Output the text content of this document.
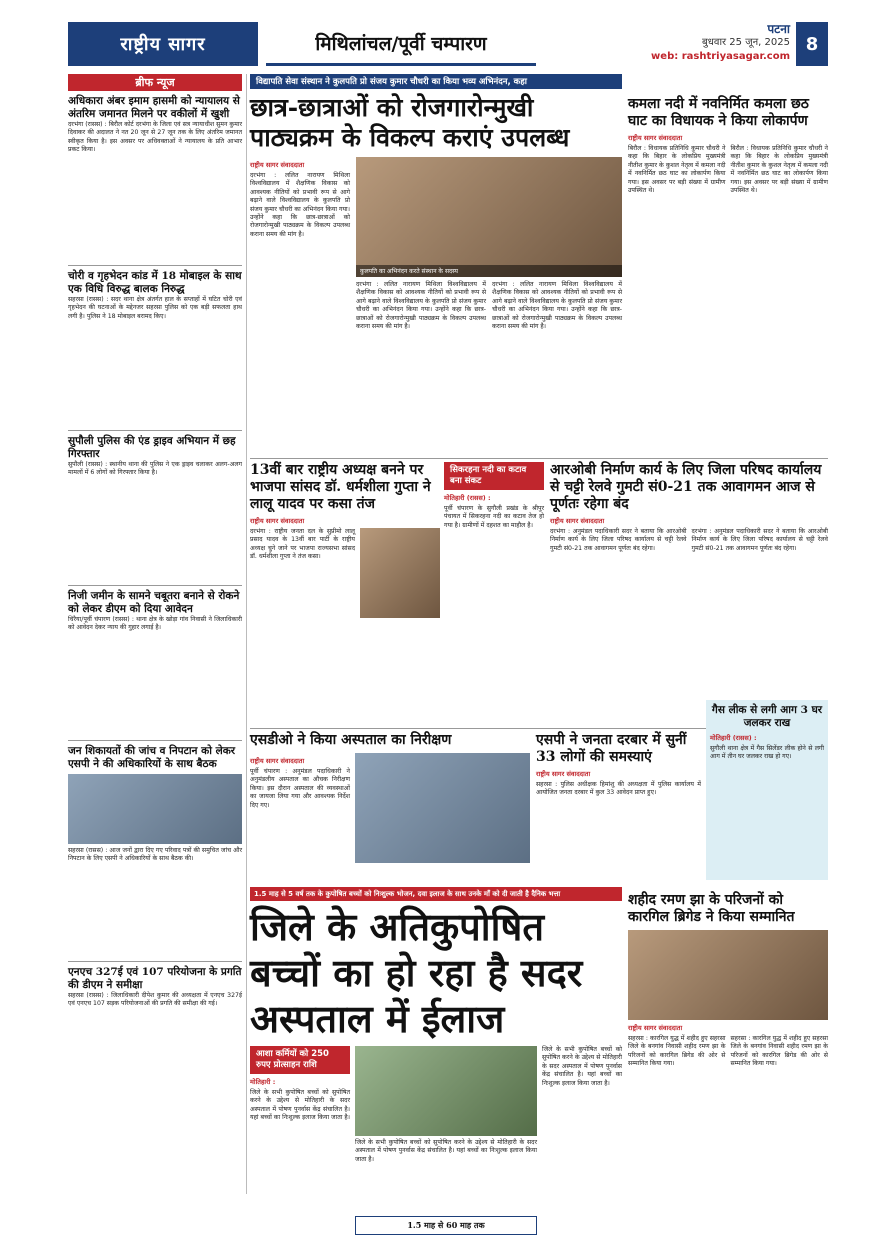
राष्ट्रीय सागर	मिथिलांचल/पूर्वी चम्पारण
पटना
बुधवार 25 जून, 2025
web: rashtriyasagar.com
8
ब्रीफ न्यूज
अधिकारा अंबर इमाम हासमी को न्यायालय से अंतरिम जमानत मिलने पर वकीलों में खुशी
दरभंगा (रासस) : बिरौल कोर्ट दरभंगा के जिला एवं सत्र न्यायाधीश सुमन कुमार दिवाकर की अदालत ने नत 20 जून से 27 जून तक के लिए अंतरिम जमानत स्वीकृत किया है। इस अवसर पर अधिवक्ताओं ने न्यायालय के प्रति आभार प्रकट किया।
चोरी व गृहभेदन कांड में 18 मोबाइल के साथ एक विधि विरुद्ध बालक निरुद्ध
सहरसा (रासस) : सदर थाना क्षेत्र अंतर्गत हाल के सप्ताहों में घटित चोरी एवं गृहभेदन की घटनाओं के मद्देनजर सहरसा पुलिस को एक बड़ी सफलता हाथ लगी है। पुलिस ने 18 मोबाइल बरामद किए।
सुपौली पुलिस की एंड ड्राइव अभियान में छह गिरफ्तार
सुपौली (रासस) : स्थानीय थाना की पुलिस ने एक ड्राइव चलाकर अलग-अलग मामलों में 6 लोगों को गिरफ्तार किया है।
निजी जमीन के सामने चबूतरा बनाने से रोकने को लेकर डीएम को दिया आवेदन
चिरैया/पूर्वी चंपारण (रासस) : थाना क्षेत्र के खोड़ा गांव निवासी ने जिलाधिकारी को आवेदन देकर न्याय की गुहार लगाई है।
जन शिकायतों की जांच व निपटान को लेकर एसपी ने की अधिकारियों के साथ बैठक
सहरसा (रासस) : आज जनों द्वारा दिए गए परिवाद पत्रों की समुचित जांच और निपटान के लिए एसपी ने अधिकारियों के साथ बैठक की।
एनएच 327ई एवं 107 परियोजना के प्रगति की डीएम ने समीक्षा
सहरसा (रासस) : जिलाधिकारी दीपेश कुमार की अध्यक्षता में एनएच 327ई एवं एनएच 107 सड़क परियोजनाओं की प्रगति की समीक्षा की गई।
विद्यापति सेवा संस्थान ने कुलपति प्रो संजय कुमार चौधरी का किया भव्य अभिनंदन, कहा
छात्र-छात्राओं को रोजगारोन्मुखी पाठ्यक्रम के विकल्प कराएं उपलब्ध
राष्ट्रीय सागर संवाददाता
दरभंगा : ललित नारायण मिथिला विश्वविद्यालय में शैक्षणिक विकास को आवश्यक नीतियों को प्रभावी रूप से आगे बढ़ाने वाले विश्वविद्यालय के कुलपति प्रो संजय कुमार चौधरी का अभिनंदन किया गया। उन्होंने कहा कि छात्र-छात्राओं को रोजगारोन्मुखी पाठ्यक्रम के विकल्प उपलब्ध कराना समय की मांग है।
कुलपति का अभिनंदन करते संस्थान के सदस्य
दरभंगा : ललित नारायण मिथिला विश्वविद्यालय में शैक्षणिक विकास को आवश्यक नीतियों को प्रभावी रूप से आगे बढ़ाने वाले विश्वविद्यालय के कुलपति प्रो संजय कुमार चौधरी का अभिनंदन किया गया। उन्होंने कहा कि छात्र-छात्राओं को रोजगारोन्मुखी पाठ्यक्रम के विकल्प उपलब्ध कराना समय की मांग है।
दरभंगा : ललित नारायण मिथिला विश्वविद्यालय में शैक्षणिक विकास को आवश्यक नीतियों को प्रभावी रूप से आगे बढ़ाने वाले विश्वविद्यालय के कुलपति प्रो संजय कुमार चौधरी का अभिनंदन किया गया। उन्होंने कहा कि छात्र-छात्राओं को रोजगारोन्मुखी पाठ्यक्रम के विकल्प उपलब्ध कराना समय की मांग है।
कमला नदी में नवनिर्मित कमला छठ घाट का विधायक ने किया लोकार्पण
राष्ट्रीय सागर संवाददाता
बिरौल : विधायक प्रतिनिधि कुमार चौधरी ने कहा कि बिहार के लोकप्रिय मुख्यमंत्री नीतीश कुमार के कुशल नेतृत्व में कमला नदी में नवनिर्मित छठ घाट का लोकार्पण किया गया। इस अवसर पर बड़ी संख्या में ग्रामीण उपस्थित थे।
बिरौल : विधायक प्रतिनिधि कुमार चौधरी ने कहा कि बिहार के लोकप्रिय मुख्यमंत्री नीतीश कुमार के कुशल नेतृत्व में कमला नदी में नवनिर्मित छठ घाट का लोकार्पण किया गया। इस अवसर पर बड़ी संख्या में ग्रामीण उपस्थित थे।
13वीं बार राष्ट्रीय अध्यक्ष बनने पर भाजपा सांसद डॉ. धर्मशीला गुप्ता ने लालू यादव पर कसा तंज
राष्ट्रीय सागर संवाददाता
दरभंगा : राष्ट्रीय जनता दल के सुप्रीमो लालू प्रसाद यादव के 13वीं बार पार्टी के राष्ट्रीय अध्यक्ष चुने जाने पर भाजपा राज्यसभा सांसद डॉ. धर्मशीला गुप्ता ने तंज कसा।
सिकरहना नदी का कटाव बना संकट
मोतिहारी (रासस) :
पूर्वी चंपारण के सुगौली प्रखंड के श्रीपुर पंचायत में सिकरहना नदी का कटाव तेज हो गया है। ग्रामीणों में दहशत का माहौल है।
आरओबी निर्माण कार्य के लिए जिला परिषद कार्यालय से चट्टी रेलवे गुमटी सं0-21 तक आवागमन आज से पूर्णतः रहेगा बंद
राष्ट्रीय सागर संवाददाता
दरभंगा : अनुमंडल पदाधिकारी सदर ने बताया कि आरओबी निर्माण कार्य के लिए जिला परिषद कार्यालय से चट्टी रेलवे गुमटी सं0-21 तक आवागमन पूर्णतः बंद रहेगा।
दरभंगा : अनुमंडल पदाधिकारी सदर ने बताया कि आरओबी निर्माण कार्य के लिए जिला परिषद कार्यालय से चट्टी रेलवे गुमटी सं0-21 तक आवागमन पूर्णतः बंद रहेगा।
एसडीओ ने किया अस्पताल का निरीक्षण
राष्ट्रीय सागर संवाददाता
पूर्वी चंपारण : अनुमंडल पदाधिकारी ने अनुमंडलीय अस्पताल का औचक निरीक्षण किया। इस दौरान अस्पताल की व्यवस्थाओं का जायजा लिया गया और आवश्यक निर्देश दिए गए।
एसपी ने जनता दरबार में सुनीं 33 लोगों की समस्याएं
राष्ट्रीय सागर संवाददाता
सहरसा : पुलिस अधीक्षक हिमांशु की अध्यक्षता में पुलिस कार्यालय में आयोजित जनता दरबार में कुल 33 आवेदन प्राप्त हुए।
गैस लीक से लगी आग 3 घर जलकर राख
मोतिहारी (रासस) :
सुगौली थाना क्षेत्र में गैस सिलेंडर लीक होने से लगी आग में तीन घर जलकर राख हो गए।
1.5 माह से 5 वर्ष तक के कुपोषित बच्चों को निःशुल्क भोजन, दवा इलाज के साथ उनके माँ को दी जाती है दैनिक भत्ता
जिले के अतिकुपोषित बच्चों का हो रहा है सदर अस्पताल में ईलाज
आशा कर्मियों को 250 रुपए प्रोत्साहन राशि
मोतिहारी :
जिले के सभी कुपोषित बच्चों को सुपोषित करने के उद्देश्य से मोतिहारी के सदर अस्पताल में पोषण पुनर्वास केंद्र संचालित है। यहां बच्चों का निःशुल्क इलाज किया जाता है।
जिले के सभी कुपोषित बच्चों को सुपोषित करने के उद्देश्य से मोतिहारी के सदर अस्पताल में पोषण पुनर्वास केंद्र संचालित है। यहां बच्चों का निःशुल्क इलाज किया जाता है।
1.5 माह से 60 माह तक
जिले के सभी कुपोषित बच्चों को सुपोषित करने के उद्देश्य से मोतिहारी के सदर अस्पताल में पोषण पुनर्वास केंद्र संचालित है। यहां बच्चों का निःशुल्क इलाज किया जाता है।
शहीद रमण झा के परिजनों को कारगिल ब्रिगेड ने किया सम्मानित
राष्ट्रीय सागर संवाददाता
सहरसा : कारगिल युद्ध में शहीद हुए सहरसा जिले के बनगांव निवासी शहीद रमण झा के परिजनों को कारगिल ब्रिगेड की ओर से सम्मानित किया गया।
सहरसा : कारगिल युद्ध में शहीद हुए सहरसा जिले के बनगांव निवासी शहीद रमण झा के परिजनों को कारगिल ब्रिगेड की ओर से सम्मानित किया गया।
